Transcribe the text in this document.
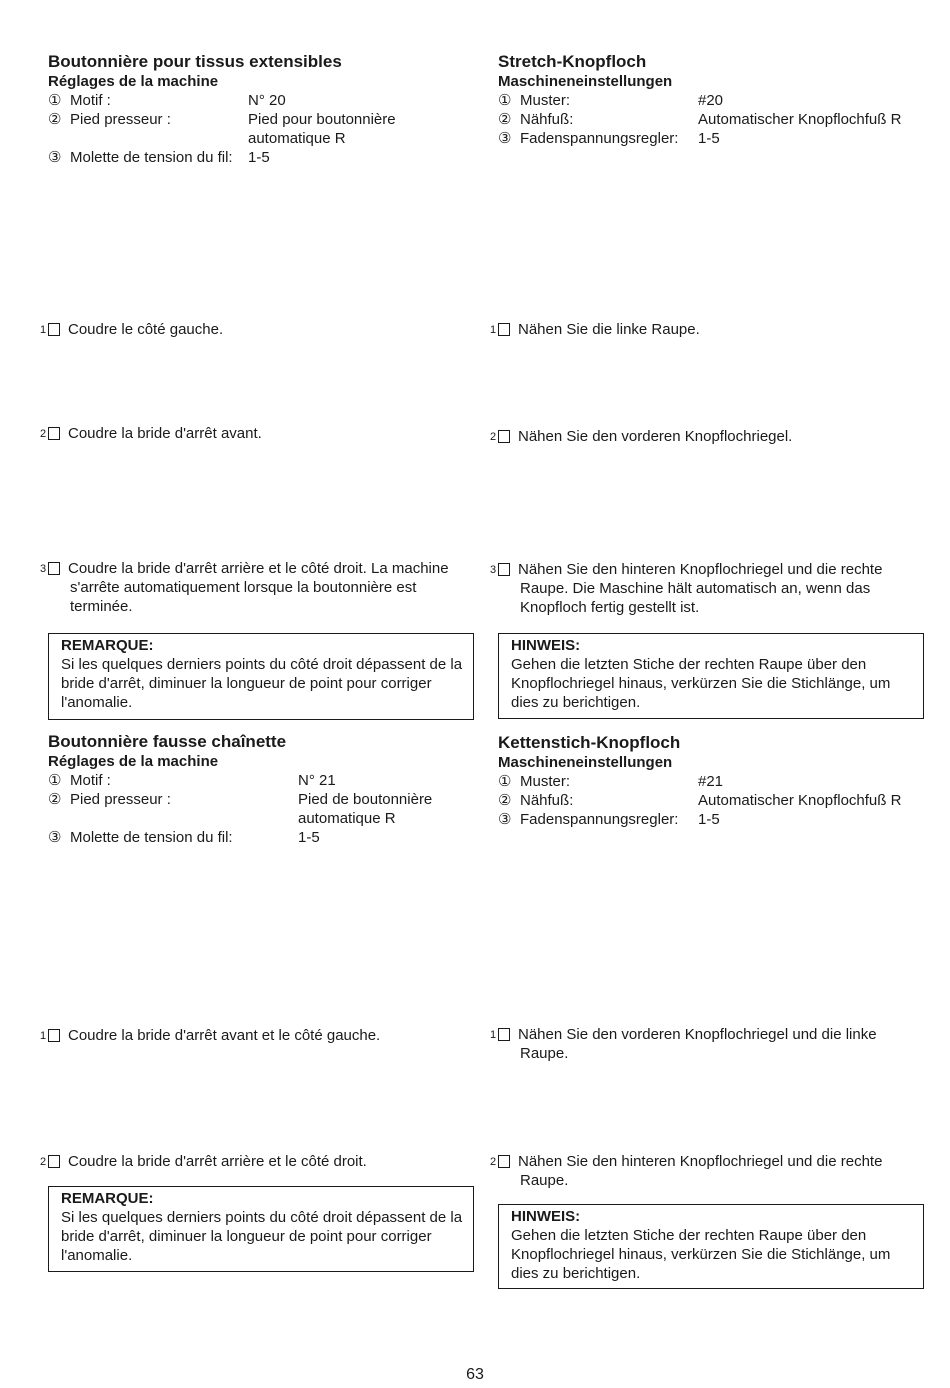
Boutonnière pour tissus extensibles
Réglages de la machine
① Motif :	N° 20
② Pied presseur :	Pied pour boutonnière
automatique R
③ Molette de tension du fil: 1-5
1 Coudre le côté gauche.
2 Coudre la bride d'arrêt avant.
3 Coudre la bride d'arrêt arrière et le côté droit. La machine s'arrête automatiquement lorsque la boutonnière est terminée.
REMARQUE:
Si les quelques derniers points du côté droit dépassent de la bride d'arrêt, diminuer la longueur de point pour corriger l'anomalie.
Stretch-Knopfloch
Maschineneinstellungen
① Muster:	#20
② Nähfuß:	Automatischer Knopflochfuß R
③ Fadenspannungsregler: 1-5
1 Nähen Sie die linke Raupe.
2 Nähen Sie den vorderen Knopflochriegel.
3 Nähen Sie den hinteren Knopflochriegel und die rechte Raupe. Die Maschine hält automatisch an, wenn das Knopfloch fertig gestellt ist.
HINWEIS:
Gehen die letzten Stiche der rechten Raupe über den Knopflochriegel hinaus, verkürzen Sie die Stichlänge, um dies zu berichtigen.
Boutonnière fausse chaînette
Réglages de la machine
① Motif :	N° 21
② Pied presseur :	Pied de boutonnière
automatique R
③ Molette de tension du fil:	1-5
1 Coudre la bride d'arrêt avant et le côté gauche.
2 Coudre la bride d'arrêt arrière et le côté droit.
REMARQUE:
Si les quelques derniers points du côté droit dépassent de la bride d'arrêt, diminuer la longueur de point pour corriger l'anomalie.
Kettenstich-Knopfloch
Maschineneinstellungen
① Muster:	#21
② Nähfuß:	Automatischer Knopflochfuß R
③ Fadenspannungsregler: 1-5
1 Nähen Sie den vorderen Knopflochriegel und die linke Raupe.
2 Nähen Sie den hinteren Knopflochriegel und die rechte Raupe.
HINWEIS:
Gehen die letzten Stiche der rechten Raupe über den Knopflochriegel hinaus, verkürzen Sie die Stichlänge, um dies zu berichtigen.
63
